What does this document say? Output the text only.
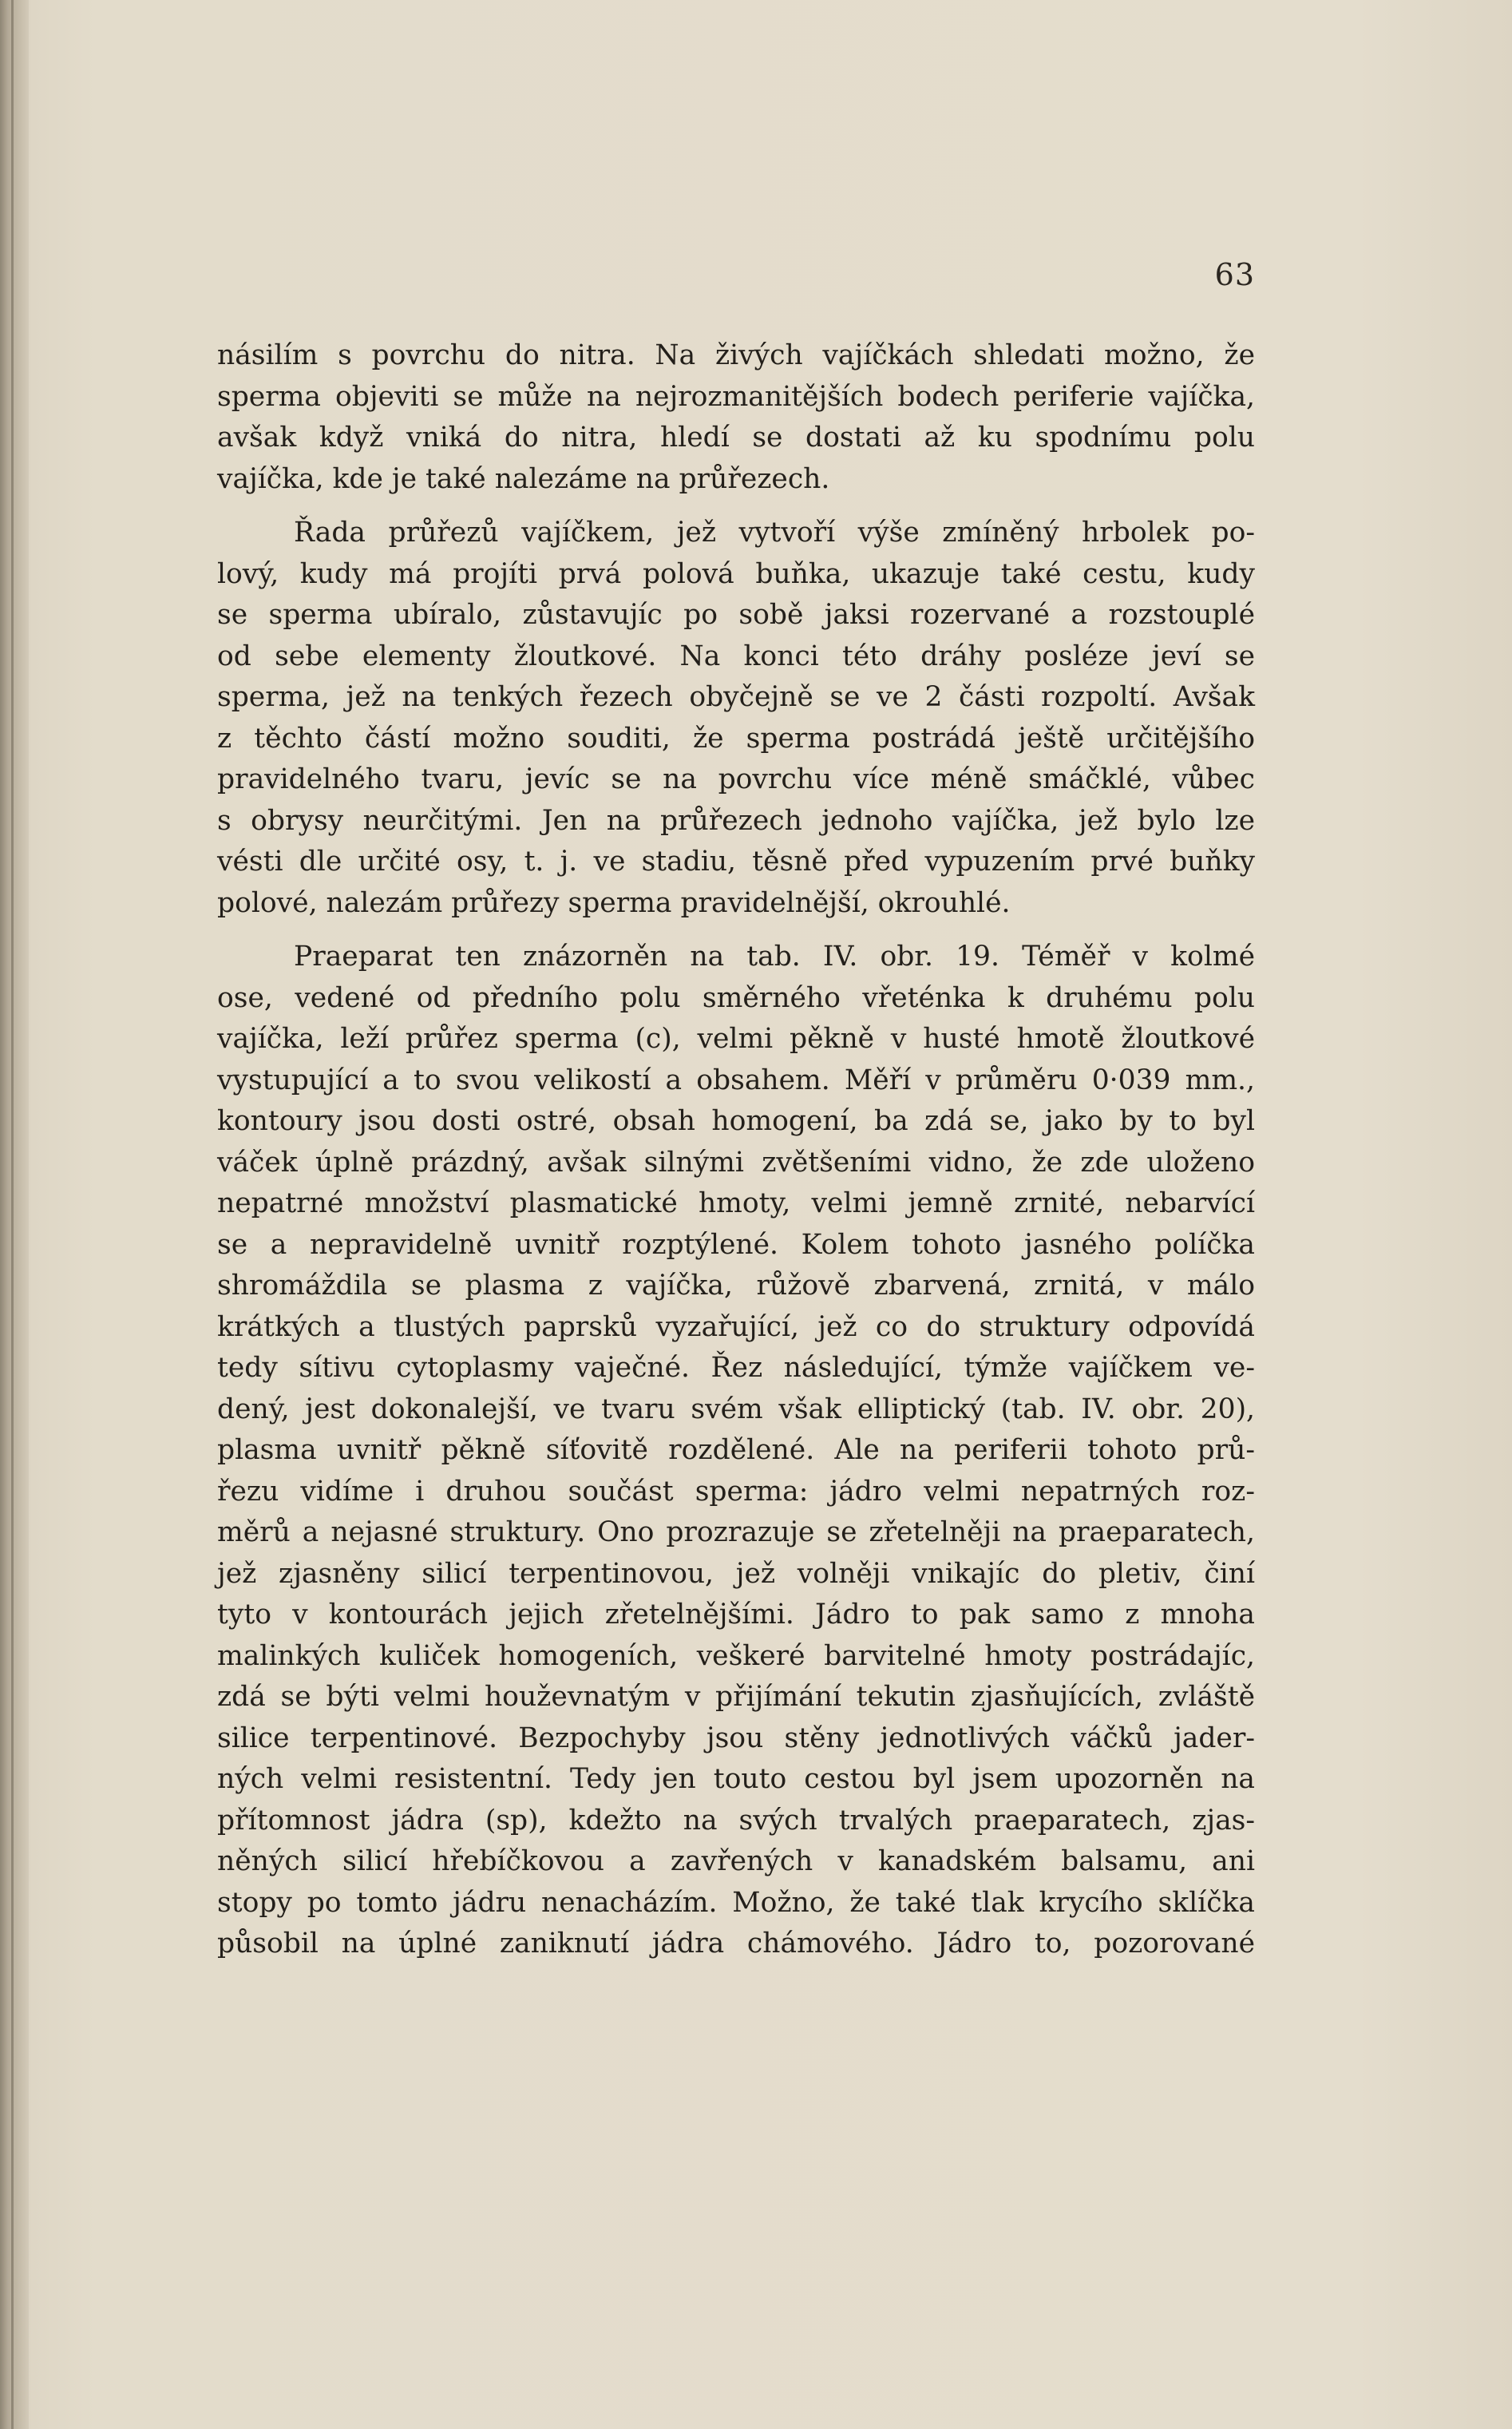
63

násilím s povrchu do nitra. Na živých vajíčkách shledati možno, že
sperma objeviti se může na nejrozmanitějších bodech periferie vajíčka,
avšak když vniká do nitra, hledí se dostati až ku spodnímu polu
vajíčka, kde je také nalezáme na průřezech.

Řada průřezů vajíčkem, jež vytvoří výše zmíněný hrbolek po-
lový, kudy má projíti prvá polová buňka, ukazuje také cestu, kudy
se sperma ubíralo, zůstavujíc po sobě jaksi rozervané a rozstouplé
od sebe elementy žloutkové. Na konci této dráhy posléze jeví se
sperma, jež na tenkých řezech obyčejně se ve 2 části rozpoltí. Avšak
z těchto částí možno souditi, že sperma postrádá ještě určitějšího
pravidelného tvaru, jevíc se na povrchu více méně smáčklé, vůbec
s obrysy neurčitými. Jen na průřezech jednoho vajíčka, jež bylo lze
vésti dle určité osy, t. j. ve stadiu, těsně před vypuzením prvé buňky
polové, nalezám průřezy sperma pravidelnější, okrouhlé.

Praeparat ten znázorněn na tab. IV. obr. 19. Téměř v kolmé
ose, vedené od předního polu směrného vřeténka k druhému polu
vajíčka, leží průřez sperma (c), velmi pěkně v husté hmotě žloutkové
vystupující a to svou velikostí a obsahem. Měří v průměru 0·039 mm.,
kontoury jsou dosti ostré, obsah homogení, ba zdá se, jako by to byl
váček úplně prázdný, avšak silnými zvětšeními vidno, že zde uloženo
nepatrné množství plasmatické hmoty, velmi jemně zrnité, nebarvící
se a nepravidelně uvnitř rozptýlené. Kolem tohoto jasného políčka
shromáždila se plasma z vajíčka, růžově zbarvená, zrnitá, v málo
krátkých a tlustých paprsků vyzařující, jež co do struktury odpovídá
tedy sítivu cytoplasmy vaječné. Řez následující, týmže vajíčkem ve-
dený, jest dokonalejší, ve tvaru svém však elliptický (tab. IV. obr. 20),
plasma uvnitř pěkně síťovitě rozdělené. Ale na periferii tohoto prů-
řezu vidíme i druhou součást sperma: jádro velmi nepatrných roz-
měrů a nejasné struktury. Ono prozrazuje se zřetelněji na praeparatech,
jež zjasněny silicí terpentinovou, jež volněji vnikajíc do pletiv, činí
tyto v kontourách jejich zřetelnějšími. Jádro to pak samo z mnoha
malinkých kuliček homogeních, veškeré barvitelné hmoty postrádajíc,
zdá se býti velmi houževnatým v přijímání tekutin zjasňujících, zvláště
silice terpentinové. Bezpochyby jsou stěny jednotlivých váčků jader-
ných velmi resistentní. Tedy jen touto cestou byl jsem upozorněn na
přítomnost jádra (sp), kdežto na svých trvalých praeparatech, zjas-
něných silicí hřebíčkovou a zavřených v kanadském balsamu, ani
stopy po tomto jádru nenacházím. Možno, že také tlak krycího sklíčka
působil na úplné zaniknutí jádra chámového. Jádro to, pozorované
